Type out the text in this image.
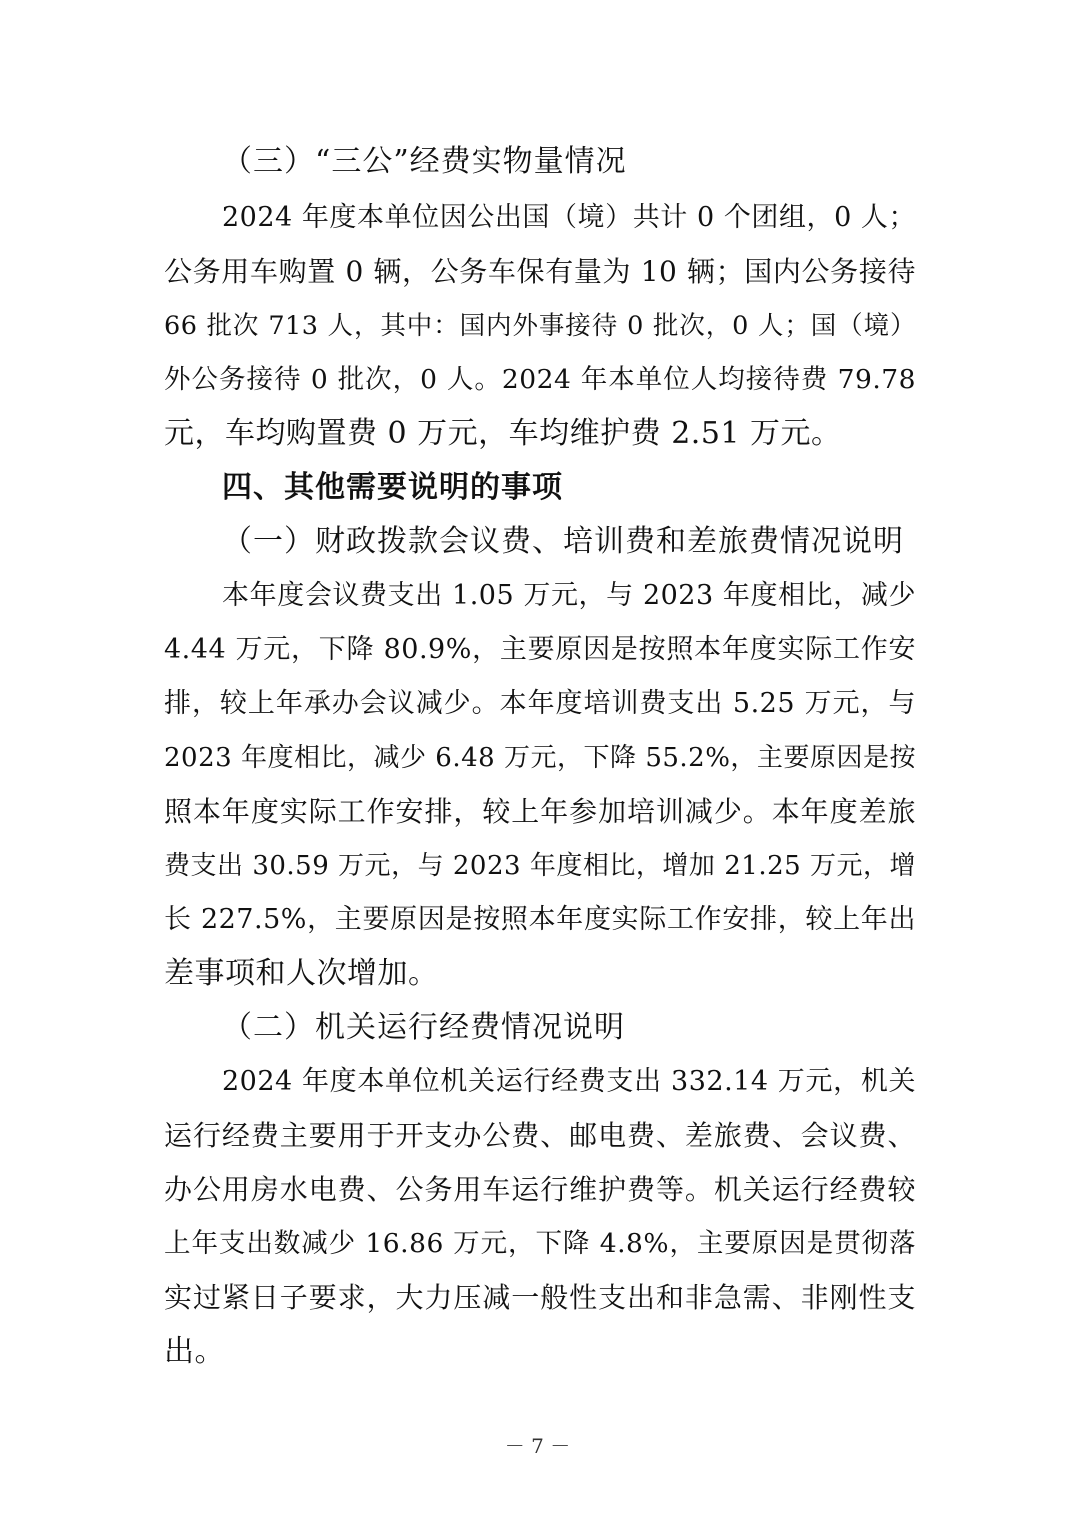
（三）“三公”经费实物量情况
2024 年度本单位因公出国（境）共计 0 个团组，0 人；
公务用车购置 0 辆，公务车保有量为 10 辆；国内公务接待
66 批次 713 人，其中：国内外事接待 0 批次，0 人；国（境）
外公务接待 0 批次，0 人。2024 年本单位人均接待费 79.78
元，车均购置费 0 万元，车均维护费 2.51 万元。
四、其他需要说明的事项
（一）财政拨款会议费、培训费和差旅费情况说明
本年度会议费支出 1.05 万元，与 2023 年度相比，减少
4.44 万元，下降 80.9%，主要原因是按照本年度实际工作安
排，较上年承办会议减少。本年度培训费支出 5.25 万元，与
2023 年度相比，减少 6.48 万元，下降 55.2%，主要原因是按
照本年度实际工作安排，较上年参加培训减少。本年度差旅
费支出 30.59 万元，与 2023 年度相比，增加 21.25 万元，增
长 227.5%，主要原因是按照本年度实际工作安排，较上年出
差事项和人次增加。
（二）机关运行经费情况说明
2024 年度本单位机关运行经费支出 332.14 万元，机关
运行经费主要用于开支办公费、邮电费、差旅费、会议费、
办公用房水电费、公务用车运行维护费等。机关运行经费较
上年支出数减少 16.86 万元，下降 4.8%，主要原因是贯彻落
实过紧日子要求，大力压减一般性支出和非急需、非刚性支
出。
－ 7 －
